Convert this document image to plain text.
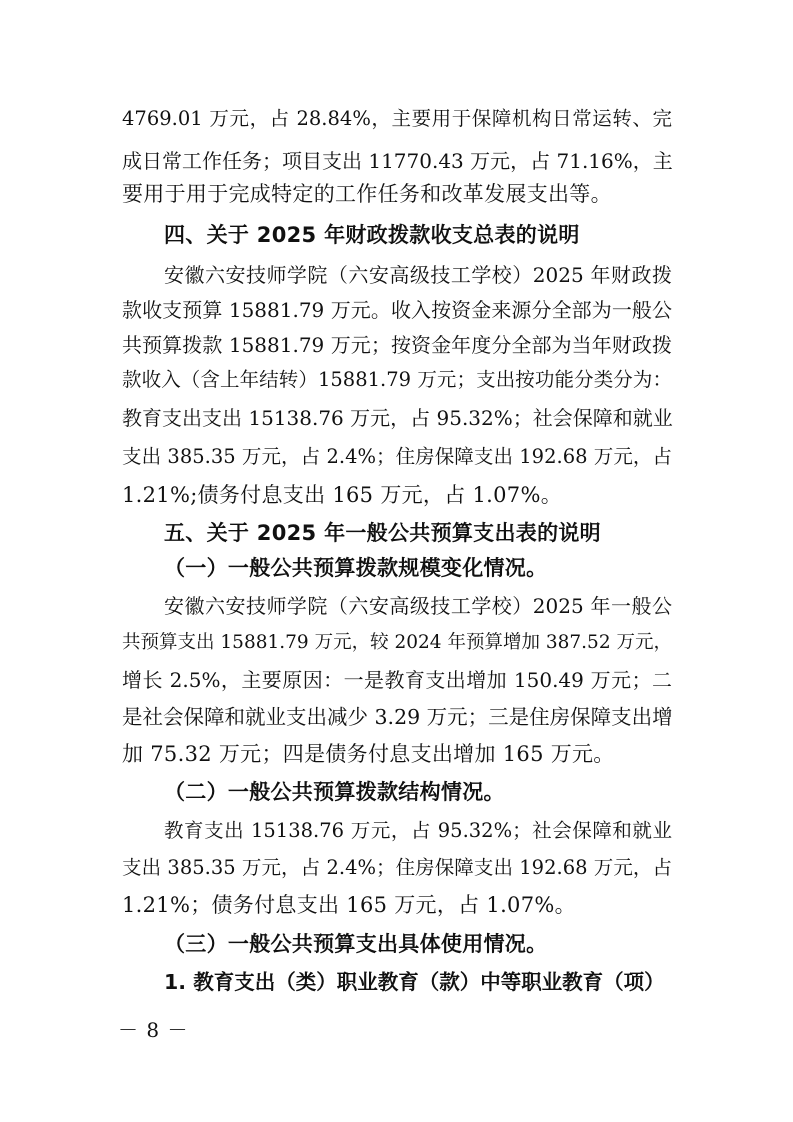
4769.01 万元，占 28.84%，主要用于保障机构日常运转、完
成日常工作任务；项目支出 11770.43 万元，占 71.16%，主
要用于用于完成特定的工作任务和改革发展支出等。
四、关于 2025 年财政拨款收支总表的说明
安徽六安技师学院（六安高级技工学校）2025 年财政拨
款收支预算 15881.79 万元。收入按资金来源分全部为一般公
共预算拨款 15881.79 万元；按资金年度分全部为当年财政拨
款收入（含上年结转）15881.79 万元；支出按功能分类分为：
教育支出支出 15138.76 万元，占 95.32%；社会保障和就业
支出 385.35 万元，占 2.4%；住房保障支出 192.68 万元，占
1.21%;债务付息支出 165 万元，占 1.07%。
五、关于 2025 年一般公共预算支出表的说明
（一）一般公共预算拨款规模变化情况。
安徽六安技师学院（六安高级技工学校）2025 年一般公
共预算支出 15881.79 万元，较 2024 年预算增加 387.52 万元，
增长 2.5%，主要原因：一是教育支出增加 150.49 万元；二
是社会保障和就业支出减少 3.29 万元；三是住房保障支出增
加 75.32 万元；四是债务付息支出增加 165 万元。
（二）一般公共预算拨款结构情况。
教育支出 15138.76 万元，占 95.32%；社会保障和就业
支出 385.35 万元，占 2.4%；住房保障支出 192.68 万元，占
1.21%；债务付息支出 165 万元，占 1.07%。
（三）一般公共预算支出具体使用情况。
1. 教育支出（类）职业教育（款）中等职业教育（项）
－ 8 －
